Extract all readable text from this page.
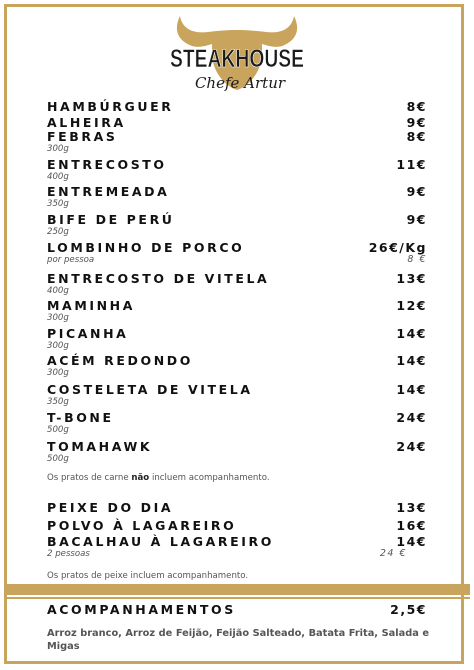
STEAKHOUSE
Chefe Artur
HAMBÚRGUER	8€
ALHEIRA	9€
FEBRAS	8€
300g
ENTRECOSTO	11€
400g
ENTREMEADA	9€
350g
BIFE DE PERÚ	9€
250g
LOMBINHO DE PORCO	26€/Kg
por pessoa	8 €
ENTRECOSTO DE VITELA	13€
400g
MAMINHA	12€
300g
PICANHA	14€
300g
ACÉM REDONDO	14€
300g
COSTELETA DE VITELA	14€
350g
T-BONE	24€
500g
TOMAHAWK	24€
500g
Os pratos de carne não incluem acompanhamento.
PEIXE DO DIA	13€
POLVO À LAGAREIRO	16€
BACALHAU À LAGAREIRO	14€
2 pessoas	24 €
Os pratos de peixe incluem acompanhamento.
ACOMPANHAMENTOS	2,5€
Arroz branco, Arroz de Feijão, Feijão Salteado, Batata Frita, Salada e Migas
